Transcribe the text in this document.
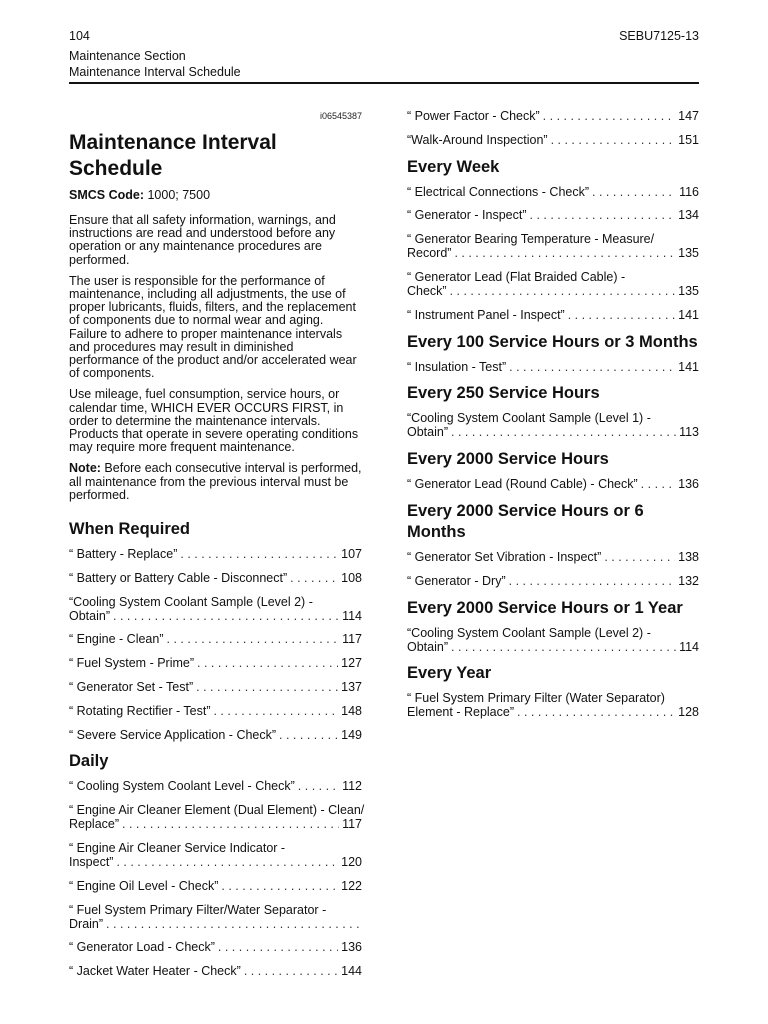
104	SEBU7125-13
Maintenance Section
Maintenance Interval Schedule
i06545387
Maintenance Interval Schedule
SMCS Code: 1000; 7500

Ensure that all safety information, warnings, and instructions are read and understood before any operation or any maintenance procedures are performed.

The user is responsible for the performance of maintenance, including all adjustments, the use of proper lubricants, fluids, filters, and the replacement of components due to normal wear and aging. Failure to adhere to proper maintenance intervals and procedures may result in diminished performance of the product and/or accelerated wear of components.

Use mileage, fuel consumption, service hours, or calendar time, WHICH EVER OCCURS FIRST, in order to determine the maintenance intervals. Products that operate in severe operating conditions may require more frequent maintenance.

Note: Before each consecutive interval is performed, all maintenance from the previous interval must be performed.

When Required
“ Battery - Replace” . . .	107
“ Battery or Battery Cable - Disconnect” . . .	108
“Cooling System Coolant Sample (Level 2) -
Obtain” . . .	114
“ Engine - Clean” . . .	117
“ Fuel System - Prime” . . .	127
“ Generator Set - Test” . . .	137
“ Rotating Rectifier - Test” . . .	148
“ Severe Service Application - Check” . . .	149
Daily
“ Cooling System Coolant Level - Check” . . .	112
“ Engine Air Cleaner Element (Dual Element) - Clean/
Replace” . . .	117
“ Engine Air Cleaner Service Indicator -
Inspect” . . .	120
“ Engine Oil Level - Check” . . .	122
“ Fuel System Primary Filter/Water Separator -
Drain”
. . .
“ Generator Load - Check” . . .	136
“ Jacket Water Heater - Check” . . .	144
“ Power Factor - Check” . . .	147
“Walk-Around Inspection” . . .	151
Every Week
“ Electrical Connections - Check” . . .	116
“ Generator - Inspect” . . .	134
“ Generator Bearing Temperature - Measure/
Record” . . .	135
“ Generator Lead (Flat Braided Cable) -
Check” . . .	135
“ Instrument Panel - Inspect” . . .	141
Every 100 Service Hours or 3 Months
“ Insulation - Test” . . .	141
Every 250 Service Hours
“Cooling System Coolant Sample (Level 1) -
Obtain” . . .	113
Every 2000 Service Hours
“ Generator Lead (Round Cable) - Check” . . .	136
Every 2000 Service Hours or 6 Months
“ Generator Set Vibration - Inspect” . . .	138
“ Generator - Dry” . . .	132
Every 2000 Service Hours or 1 Year
“Cooling System Coolant Sample (Level 2) -
Obtain” . . .	114
Every Year
“ Fuel System Primary Filter (Water Separator)
Element - Replace” . . .	128
